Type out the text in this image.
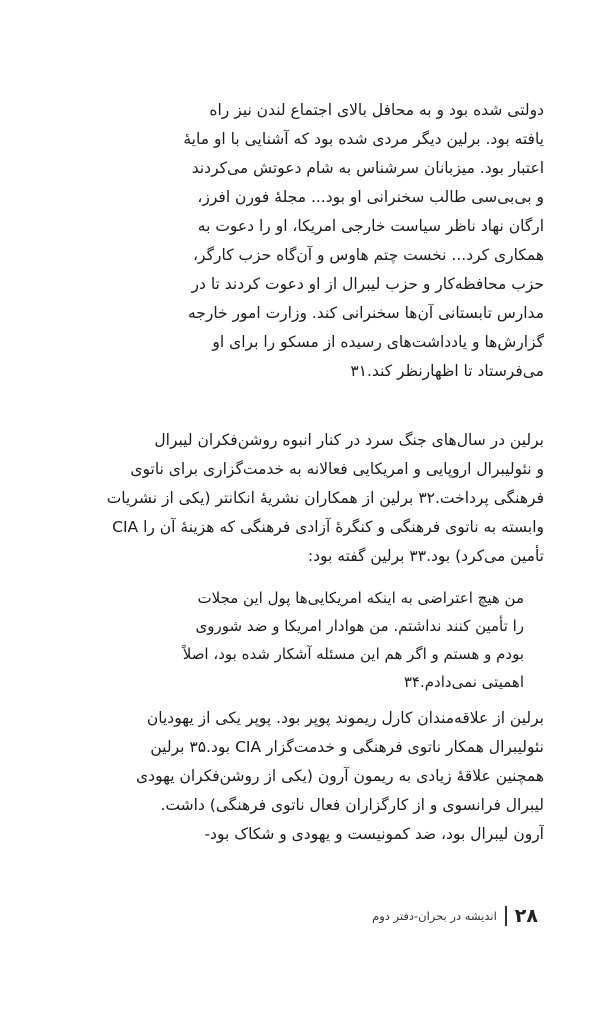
دولتی شده بود و به محافل بالای اجتماع لندن نیز راه
یافته بود. برلین دیگر مردی شده بود که آشنایی با او مایهٔ
اعتبار بود. میزبانان سرشناس به شام دعوتش می‌کردند
و بی‌بی‌سی طالب سخنرانی او بود... مجلهٔ فورن افرز،
ارگان نهاد ناظر سیاست خارجی امریکا، او را دعوت به
همکاری کرد... نخست چتم هاوس و آن‌گاه حزب کارگر،
حزب محافظه‌کار و حزب لیبرال از او دعوت کردند تا در
مدارس تابستانی آن‌ها سخنرانی کند. وزارت امور خارجه
گزارش‌ها و یادداشت‌های رسیده از مسکو را برای او
می‌فرستاد تا اظهارنظر کند.۳۱
برلین در سال‌های جنگ سرد در کنار انبوه روشن‌فکران لیبرال
و نئولیبرال اروپایی و امریکایی فعالانه به خدمت‌گزاری برای ناتوی
فرهنگی پرداخت.۳۲ برلین از همکاران نشریهٔ انکانتر (یکی از نشریات
وابسته به ناتوی فرهنگی و کنگرهٔ آزادی فرهنگی که هزینهٔ آن را CIA
تأمین می‌کرد) بود.۳۳ برلین گفته بود:
من هیچ اعتراضی به اینکه امریکایی‌ها پول این مجلات
را تأمین کنند نداشتم. من هوادار امریکا و ضد شوروی
بودم و هستم و اگر هم این مسئله آشکار شده بود، اصلاً
اهمیتی نمی‌دادم.۳۴
برلین از علاقه‌مندان کارل ریموند پوپر بود. پوپر یکی از یهودیان
نئولیبرال همکار ناتوی فرهنگی و خدمت‌گزار CIA بود.۳۵ برلین
همچنین علاقهٔ زیادی به ریمون آرون (یکی از روشن‌فکران یهودی
لیبرال فرانسوی و از کارگزاران فعال ناتوی فرهنگی) داشت.
آرون لیبرال بود، ضد کمونیست و یهودی و شکاک بود-
۲۸
اندیشه در بحران-دفتر دوم
